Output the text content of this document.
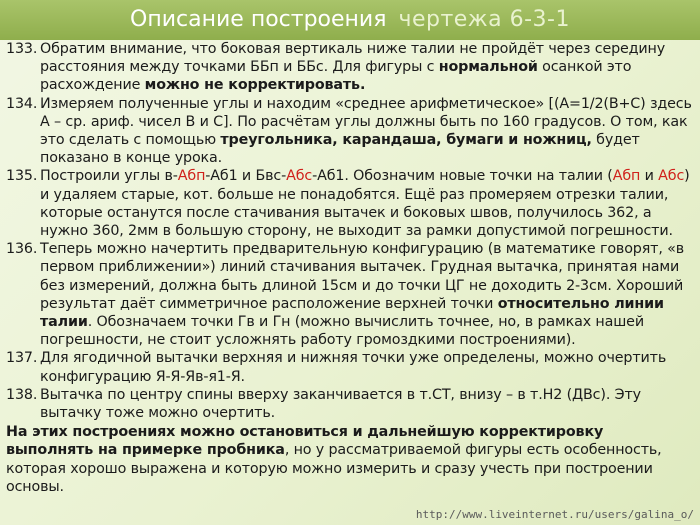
Описание построения чертежа 6-3-1
133. Обратим внимание, что боковая вертикаль ниже талии не пройдёт через середину расстояния между точками ББп и ББс. Для фигуры с нормальной осанкой это расхождение можно не корректировать.
134. Измеряем полученные углы и находим «среднее арифметическое» [(А=1/2(В+С) здесь А – ср. ариф. чисел В и С]. По расчётам углы должны быть по 160 градусов. О том, как это сделать с помощью треугольника, карандаша, бумаги и ножниц, будет показано в конце урока.
135. Построили углы в-Абп-Аб1 и Бвс-Абс-Аб1. Обозначим новые точки на талии (Абп и Абс) и удаляем старые, кот. больше не понадобятся. Ещё раз промеряем отрезки талии, которые останутся после стачивания вытачек и боковых швов, получилось 362, а нужно 360, 2мм в большую сторону, не выходит за рамки допустимой погрешности.
136. Теперь можно начертить предварительную конфигурацию (в математике говорят, «в первом приближении») линий стачивания вытачек. Грудная вытачка, принятая нами без измерений, должна быть длиной 15см и до точки ЦГ не доходить 2-3см. Хороший результат даёт симметричное расположение верхней точки относительно линии талии. Обозначаем точки Гв и Гн (можно вычислить точнее, но, в рамках нашей погрешности, не стоит усложнять работу громоздкими построениями).
137. Для ягодичной вытачки верхняя и нижняя точки уже определены, можно очертить конфигурацию Я-Я-Яв-я1-Я.
138. Вытачка по центру спины вверху заканчивается в т.СТ, внизу – в т.Н2 (ДВс). Эту вытачку тоже можно очертить.
На этих построениях можно остановиться и дальнейшую корректировку выполнять на примерке пробника, но у рассматриваемой фигуры есть особенность, которая хорошо выражена и которую можно измерить и сразу учесть при построении основы.
http://www.liveinternet.ru/users/galina_o/
